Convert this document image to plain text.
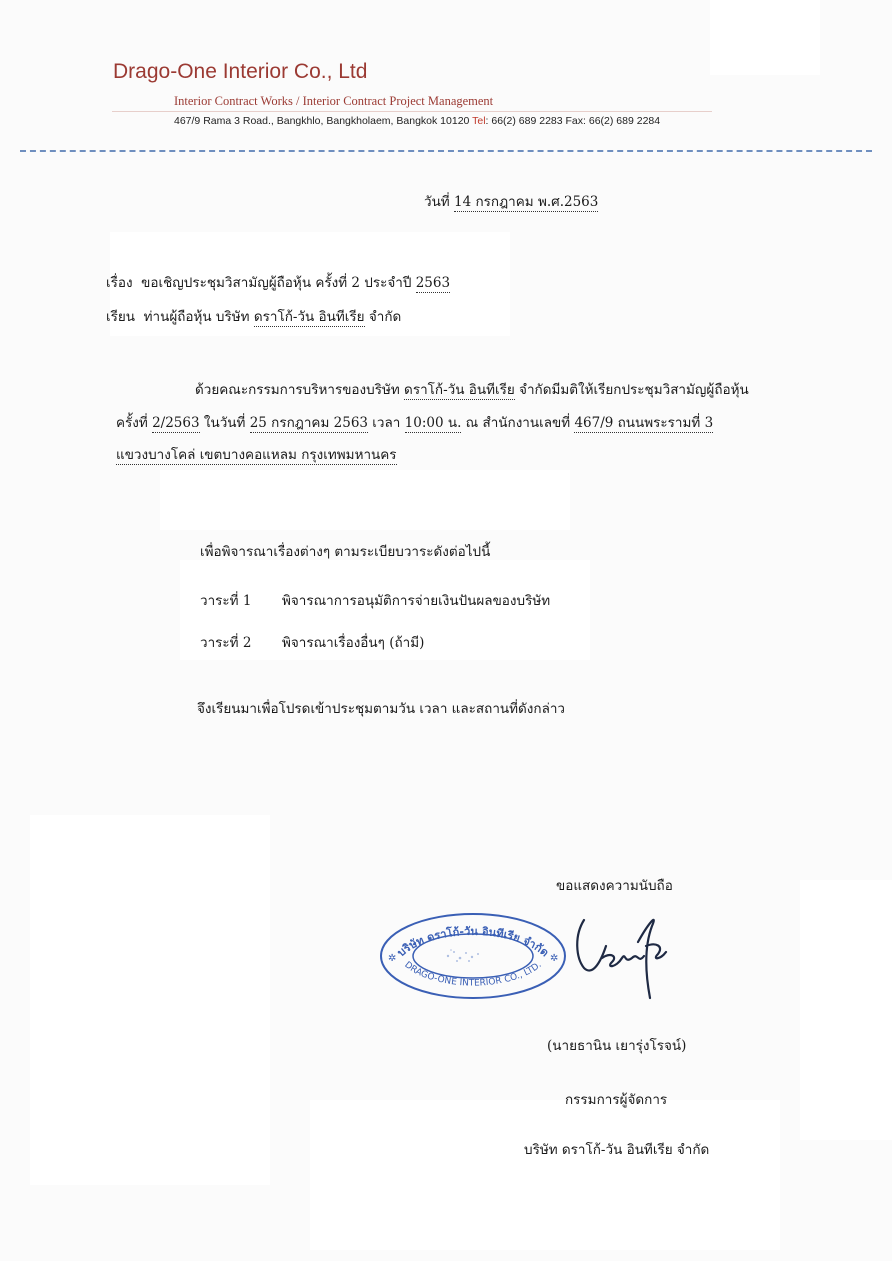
Drago-One Interior Co., Ltd
Interior Contract Works / Interior Contract Project Management
467/9 Rama 3 Road., Bangkhlo, Bangkholaem, Bangkok 10120 Tel: 66(2) 689 2283 Fax: 66(2) 689 2284
วันที่ 14 กรกฎาคม พ.ศ.2563
เรื่อง ขอเชิญประชุมวิสามัญผู้ถือหุ้น ครั้งที่ 2 ประจำปี 2563
เรียน ท่านผู้ถือหุ้น บริษัท ดราโก้-วัน อินทีเรีย จำกัด
ด้วยคณะกรรมการบริหารของบริษัท ดราโก้-วัน อินทีเรีย จำกัดมีมติให้เรียกประชุมวิสามัญผู้ถือหุ้น
ครั้งที่ 2/2563 ในวันที่ 25 กรกฎาคม 2563 เวลา 10:00 น. ณ สำนักงานเลขที่ 467/9 ถนนพระรามที่ 3
แขวงบางโคล่ เขตบางคอแหลม กรุงเทพมหานคร
เพื่อพิจารณาเรื่องต่างๆ ตามระเบียบวาระดังต่อไปนี้
วาระที่ 1 พิจารณาการอนุมัติการจ่ายเงินปันผลของบริษัท
วาระที่ 2 พิจารณาเรื่องอื่นๆ (ถ้ามี)
จึงเรียนมาเพื่อโปรดเข้าประชุมตามวัน เวลา และสถานที่ดังกล่าว
ขอแสดงความนับถือ
บริษัท ดราโก้-วัน อินทีเรีย จำกัด
DRAGO-ONE INTERIOR CO., LTD.
✲	✲
(นายธานิน เยารุ่งโรจน์)
กรรมการผู้จัดการ
บริษัท ดราโก้-วัน อินทีเรีย จำกัด
